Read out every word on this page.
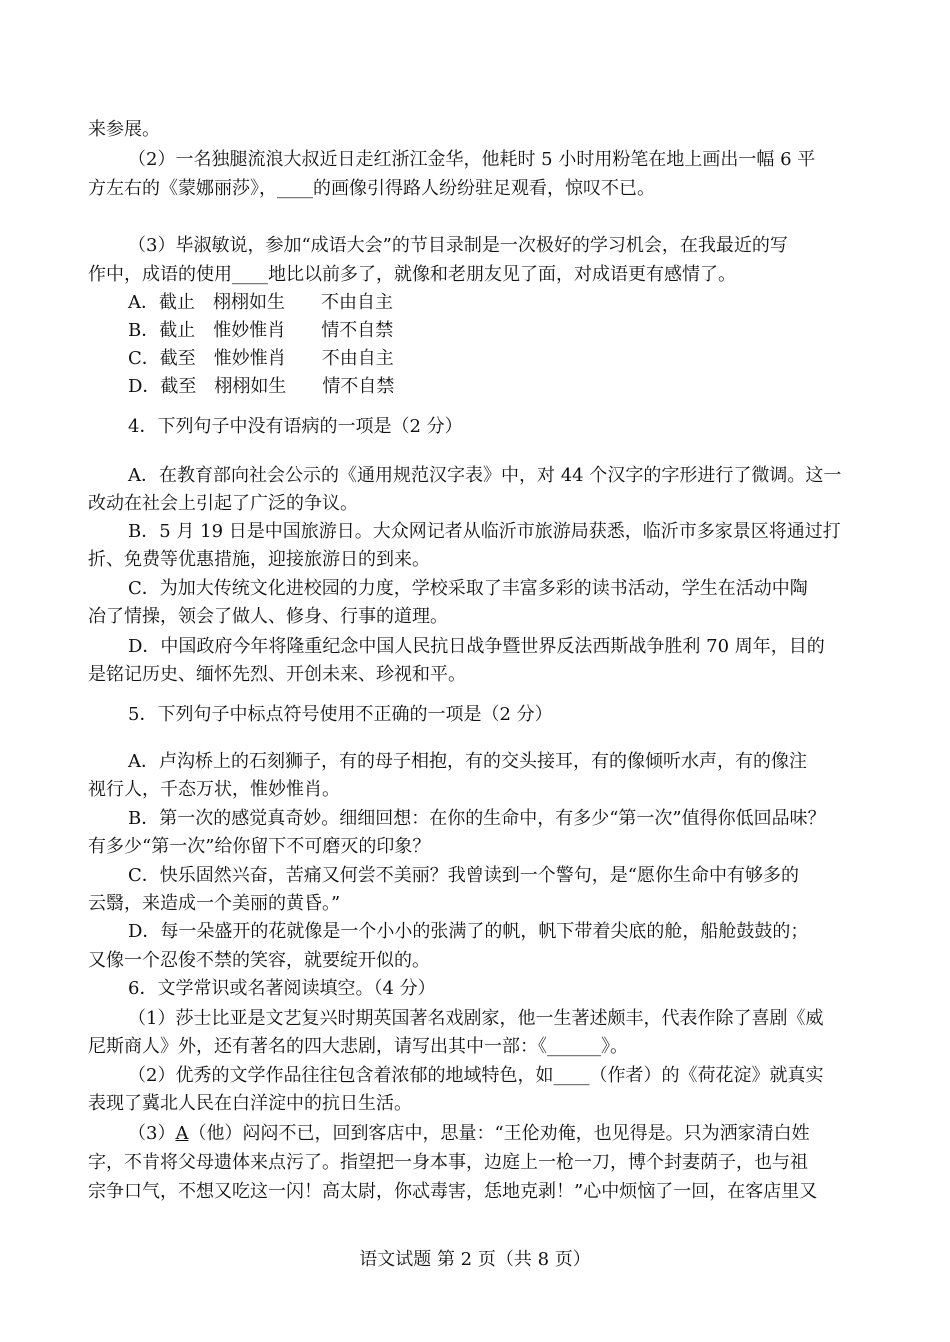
来参展。
（2）一名独腿流浪大叔近日走红浙江金华，他耗时 5 小时用粉笔在地上画出一幅 6 平
方左右的《蒙娜丽莎》，____的画像引得路人纷纷驻足观看，惊叹不已。
（3）毕淑敏说，参加“成语大会”的节目录制是一次极好的学习机会，在我最近的写
作中，成语的使用____地比以前多了，就像和老朋友见了面，对成语更有感情了。
A．截止　栩栩如生　　不由自主
B．截止　惟妙惟肖　　情不自禁
C．截至　惟妙惟肖　　不由自主
D．截至　栩栩如生　　情不自禁
4．下列句子中没有语病的一项是（2 分）
A．在教育部向社会公示的《通用规范汉字表》中，对 44 个汉字的字形进行了微调。这一
改动在社会上引起了广泛的争议。
B．5 月 19 日是中国旅游日。大众网记者从临沂市旅游局获悉，临沂市多家景区将通过打
折、免费等优惠措施，迎接旅游日的到来。
C．为加大传统文化进校园的力度，学校采取了丰富多彩的读书活动，学生在活动中陶
冶了情操，领会了做人、修身、行事的道理。
D．中国政府今年将隆重纪念中国人民抗日战争暨世界反法西斯战争胜利 70 周年，目的
是铭记历史、缅怀先烈、开创未来、珍视和平。
5．下列句子中标点符号使用不正确的一项是（2 分）
A．卢沟桥上的石刻狮子，有的母子相抱，有的交头接耳，有的像倾听水声，有的像注
视行人，千态万状，惟妙惟肖。
B．第一次的感觉真奇妙。细细回想：在你的生命中，有多少“第一次”值得你低回品味？
有多少“第一次”给你留下不可磨灭的印象？
C．快乐固然兴奋，苦痛又何尝不美丽？我曾读到一个警句，是“愿你生命中有够多的
云翳，来造成一个美丽的黄昏。”
D．每一朵盛开的花就像是一个小小的张满了的帆，帆下带着尖底的舱，船舱鼓鼓的；
又像一个忍俊不禁的笑容，就要绽开似的。
6．文学常识或名著阅读填空。（4 分）
（1）莎士比亚是文艺复兴时期英国著名戏剧家，他一生著述颇丰，代表作除了喜剧《威
尼斯商人》外，还有著名的四大悲剧，请写出其中一部：《______》。
（2）优秀的文学作品往往包含着浓郁的地域特色，如____（作者）的《荷花淀》就真实
表现了冀北人民在白洋淀中的抗日生活。
（3）A（他）闷闷不已，回到客店中，思量：“王伦劝俺，也见得是。只为洒家清白姓
字，不肯将父母遗体来点污了。指望把一身本事，边庭上一枪一刀，博个封妻荫子，也与祖
宗争口气，不想又吃这一闪！高太尉，你忒毒害，恁地克剥！”心中烦恼了一回，在客店里又
语文试题 第 2 页（共 8 页）
